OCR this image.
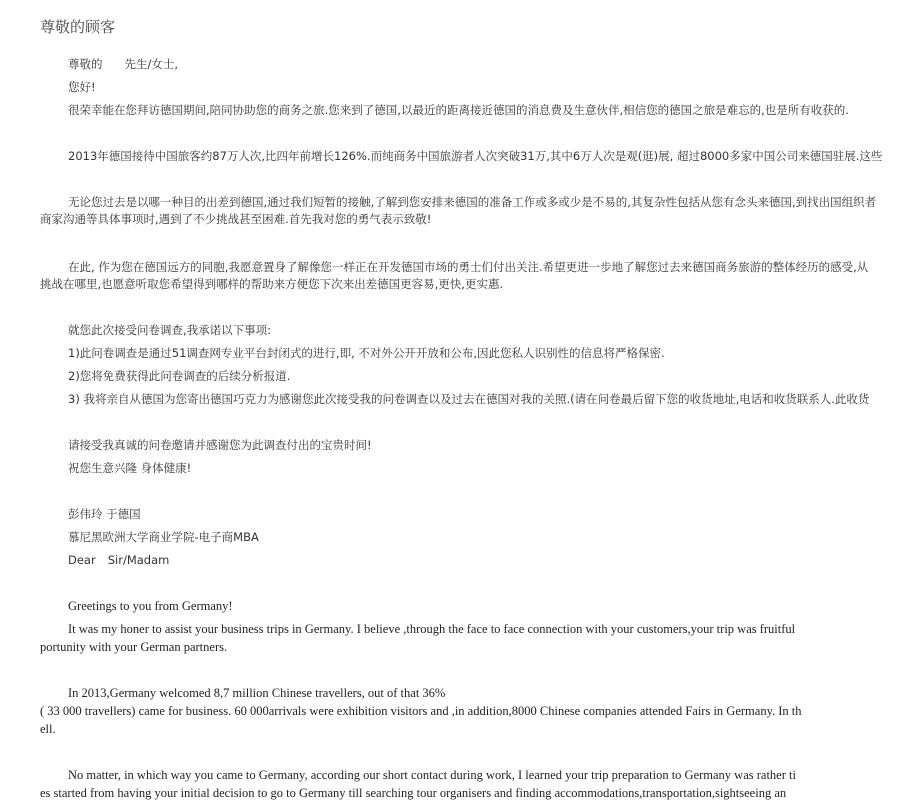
尊敬的顾客
尊敬的 先生/女士,
您好!
很荣幸能在您拜访德国期间,陪同协助您的商务之旅.您来到了德国,以最近的距离接近德国的消息费及生意伙伴,相信您的德国之旅是难忘的,也是所有收获的.
2013年德国接待中国旅客约87万人次,比四年前增长126%.而纯商务中国旅游者人次突破31万,其中6万人次是观(逛)展, 超过8000多家中国公司来德国驻展.这些
无论您过去是以哪一种目的出差到德国,通过我们短暂的接触,了解到您安排来德国的准备工作或多或少是不易的,其复杂性包括从您有念头来德国,到找出国组织者
商家沟通等具体事项时,遇到了不少挑战甚至困难.首先我对您的勇气表示致敬!
在此, 作为您在德国远方的同胞,我愿意置身了解像您一样正在开发德国市场的勇士们付出关注.希望更进一步地了解您过去来德国商务旅游的整体经历的感受,从
挑战在哪里,也愿意听取您希望得到哪样的帮助来方便您下次来出差德国更容易,更快,更实惠.
就您此次接受问卷调查,我承诺以下事项:
1)此问卷调查是通过51调查网专业平台封闭式的进行,即, 不对外公开开放和公布,因此您私人识别性的信息将严格保密.
2)您将免费获得此问卷调查的后续分析报道.
3) 我将亲自从德国为您寄出德国巧克力为感谢您此次接受我的问卷调查以及过去在德国对我的关照.(请在问卷最后留下您的收货地址,电话和收货联系人.此收货
请接受我真诚的问卷邀请并感谢您为此调查付出的宝贵时间!
祝您生意兴隆 身体健康!
彭伟玲 于德国
慕尼黑欧洲大学商业学院-电子商MBA
Dear Sir/Madam
Greetings to you from Germany!
It was my honer to assist your business trips in Germany. I believe ,through the face to face connection with your customers,your trip was fruitful
portunity with your German partners.
In 2013,Germany welcomed 8,7 million Chinese travellers, out of that 36%
( 33 000 travellers) came for business. 60 000arrivals were exhibition visitors and ,in addition,8000 Chinese companies attended Fairs in Germany. In th
ell.
No matter, in which way you came to Germany, according our short contact during work, I learned your trip preparation to Germany was rather ti
es started from having your initial decision to go to Germany till searching tour organisers and finding accommodations,transportation,sightseeing an
